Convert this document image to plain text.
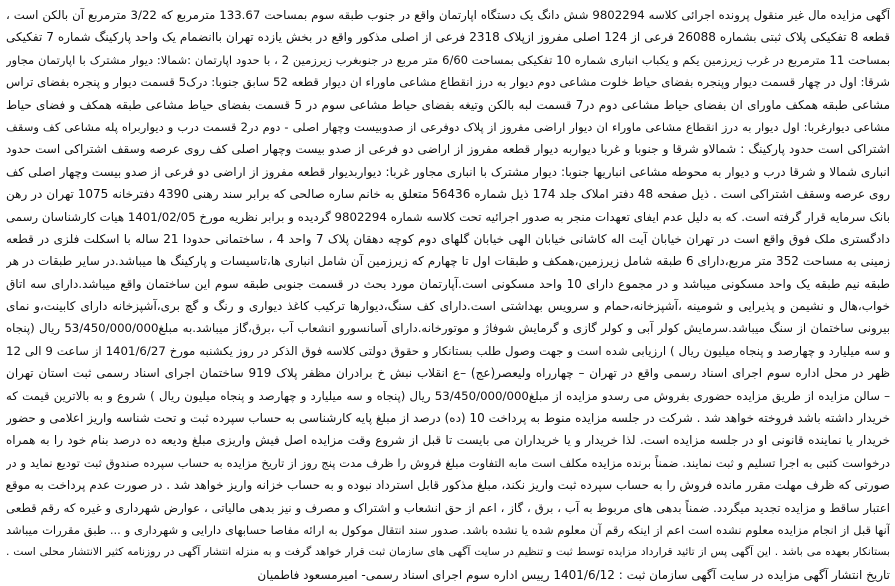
آگهی مزایده مال غیر منقول پرونده اجرائی کلاسه 9802294 شش دانگ یک دستگاه اپارتمان واقع در جنوب طبقه سوم بمساحت 133.67 مترمربع که 3/22 مترمربع آن بالکن است ،
قطعه 8 تفکیکی پلاک ثبتی بشماره 26088 فرعی از 124 اصلی مفروز ازپلاک 2318 فرعی از اصلی مذکور واقع در بخش یازده تهران باانضمام یک واحد پارکینگ شماره 7 تفکیکی
بمساحت 11 مترمربع در غرب زیرزمین یکم و یکباب انباری شماره 10 تفکیکی بمساحت 6/60 متر مربع در جنوبغرب زیرزمین 2 ، با حدود اپارتمان :شمالا: دیوار مشترک با اپارتمان مجاور
شرقا: اول در چهار قسمت دیوار وپنجره بفضای حیاط خلوت مشاعی دوم دیوار به درز انقطاع مشاعی ماوراء ان دیوار قطعه 52 سابق جنوبا: درک5 قسمت دیوار و پنجره بفضای تراس
مشاعی طبقه همکف ماورای ان بفضای حیاط مشاعی دوم در7 قسمت لبه بالکن وتیغه بفضای حیاط مشاعی سوم در 5 قسمت بفضای حیاط مشاعی طبقه همکف و فضای حیاط
مشاعی دیوارغربا: اول دیوار به درز انقطاع مشاعی ماوراء ان دیوار اراضی مفروز از پلاک دوفرعی از صدوبیست وچهار اصلی - دوم در2 قسمت درب و دیواربراه پله مشاعی کف وسقف
اشتراکی است حدود پارکینگ : شمالاو شرقا و جنوبا و غربا دیواربه دیوار قطعه مفروز از اراضی دو فرعی از صدو بیست وچهار اصلی کف روی عرصه وسقف اشتراکی است حدود
انباری شمالا و شرقا درب و دیوار به محوطه مشاعی انباریها جنوبا: دیوار مشترک با انباری مجاور غربا: دیواربدیوار قطعه مفروز از اراضی دو فرعی از صدو بیست وچهار اصلی کف
روی عرصه وسقف اشتراکی است . ذیل صفحه 48 دفتر املاک جلد 174 ذیل شماره 56436 متعلق به خانم ساره صالحی که برابر سند رهنی 4390 دفترخانه 1075 تهران در رهن
بانک سرمایه قرار گرفته است. که به دلیل عدم ایفای تعهدات منجر به صدور اجرائیه تحت کلاسه شماره 9802294 گردیده و برابر نظریه مورخ 1401/02/05 هیات کارشناسان رسمی
دادگستری ملک فوق واقع است در تهران خیابان آیت اله کاشانی خیابان الهی خیابان گلهای دوم کوچه دهقان پلاک 7 واحد 4 ، ساختمانی حدودا 21 ساله با اسکلت فلزی در قطعه
زمینی به مساحت 352 متر مربع،دارای 6 طبقه شامل زیرزمین،همکف و طبقات اول تا چهارم که زیرزمین آن شامل انباری ها،تاسیسات و پارکینگ ها میباشد.در سایر طبقات در هر
طبقه نیم طبقه یک واحد مسکونی میباشد و در مجموع دارای 10 واحد مسکونی است.آپارتمان مورد بحث در قسمت جنوبی طبقه سوم این ساختمان واقع میباشد.دارای سه اتاق
خواب،هال و نشیمن و پذیرایی و شومینه ،آشپزخانه،حمام و سرویس بهداشتی است.دارای کف سنگ،دیوارها ترکیب کاغذ دیواری و رنگ و گچ بری،آشپزخانه دارای کابینت،و نمای
بیرونی ساختمان از سنگ میباشد.سرمایش کولر آبی و کولر گازی و گرمایش شوفاژ و موتورخانه.دارای آسانسورو انشعاب آب ،برق،گاز میباشد.به مبلغ53/450/000/000 ریال (پنجاه
و سه میلیارد و چهارصد و پنجاه میلیون ریال ) ارزیابی شده است و جهت وصول طلب بستانکار و حقوق دولتی کلاسه فوق الذکر در روز یکشنبه مورخ 1401/6/27 از ساعت 9 الی 12
ظهر در محل اداره سوم اجرای اسناد رسمی واقع در تهران – چهارراه ولیعصر(عج) –ع انقلاب نبش خ برادران مظفر پلاک 919 ساختمان اجرای اسناد رسمی ثبت استان تهران
– سالن مزایده از طریق مزایده حضوری بفروش می رسدو مزایده از مبلغ53/450/000/000 ریال (پنجاه و سه میلیارد و چهارصد و پنجاه میلیون ریال ) شروع و به بالاترین قیمت که
خریدار داشته باشد فروخته خواهد شد . شرکت در جلسه مزایده منوط به پرداخت 10 (ده) درصد از مبلغ پایه کارشناسی به حساب سپرده ثبت و تحت شناسه واریز اعلامی و حضور
خریدار یا نماینده قانونی او در جلسه مزایده است. لذا خریدار و یا خریداران می بایست تا قبل از شروع وقت مزایده اصل فیش واریزی مبلغ ودیعه ده درصد بنام خود را به همراه
درخواست کتبی به اجرا تسلیم و ثبت نمایند. ضمناً برنده مزایده مکلف است مابه التفاوت مبلغ فروش را ظرف مدت پنج روز از تاریخ مزایده به حساب سپرده صندوق ثبت تودیع نماید و در
صورتی که ظرف مهلت مقرر مانده فروش را به حساب سپرده ثبت واریز نکند، مبلغ مذکور قابل استرداد نبوده و به حساب خزانه واریز خواهد شد . در صورت عدم پرداخت به موقع
اعتبار ساقط و مزایده تجدید میگردد. ضمناً بدهی های مربوط به آب ، برق ، گاز ، اعم از حق انشعاب و اشتراک و مصرف و نیز بدهی مالیاتی ، عوارض شهرداری و غیره که رقم قطعی
آنها قبل از انجام مزایده معلوم نشده است اعم از اینکه رقم آن معلوم شده یا نشده باشد. صدور سند انتقال موکول به ارائه مفاصا حسابهای دارایی و شهرداری و ... طبق مقررات میباشد
بستانکار بعهده می باشد . این آگهی پس از تائید قرارداد مزایده توسط ثبت و تنظیم در سایت آگهی های سازمان ثبت قرار خواهد گرفت و به منزله انتشار آگهی در روزنامه کثیر الانتشار محلی است .
تاریخ انتشار آگهی مزایده در سایت آگهی سازمان ثبت : 1401/6/12 رییس اداره سوم اجرای اسناد رسمی- امیرمسعود فاطمیان
